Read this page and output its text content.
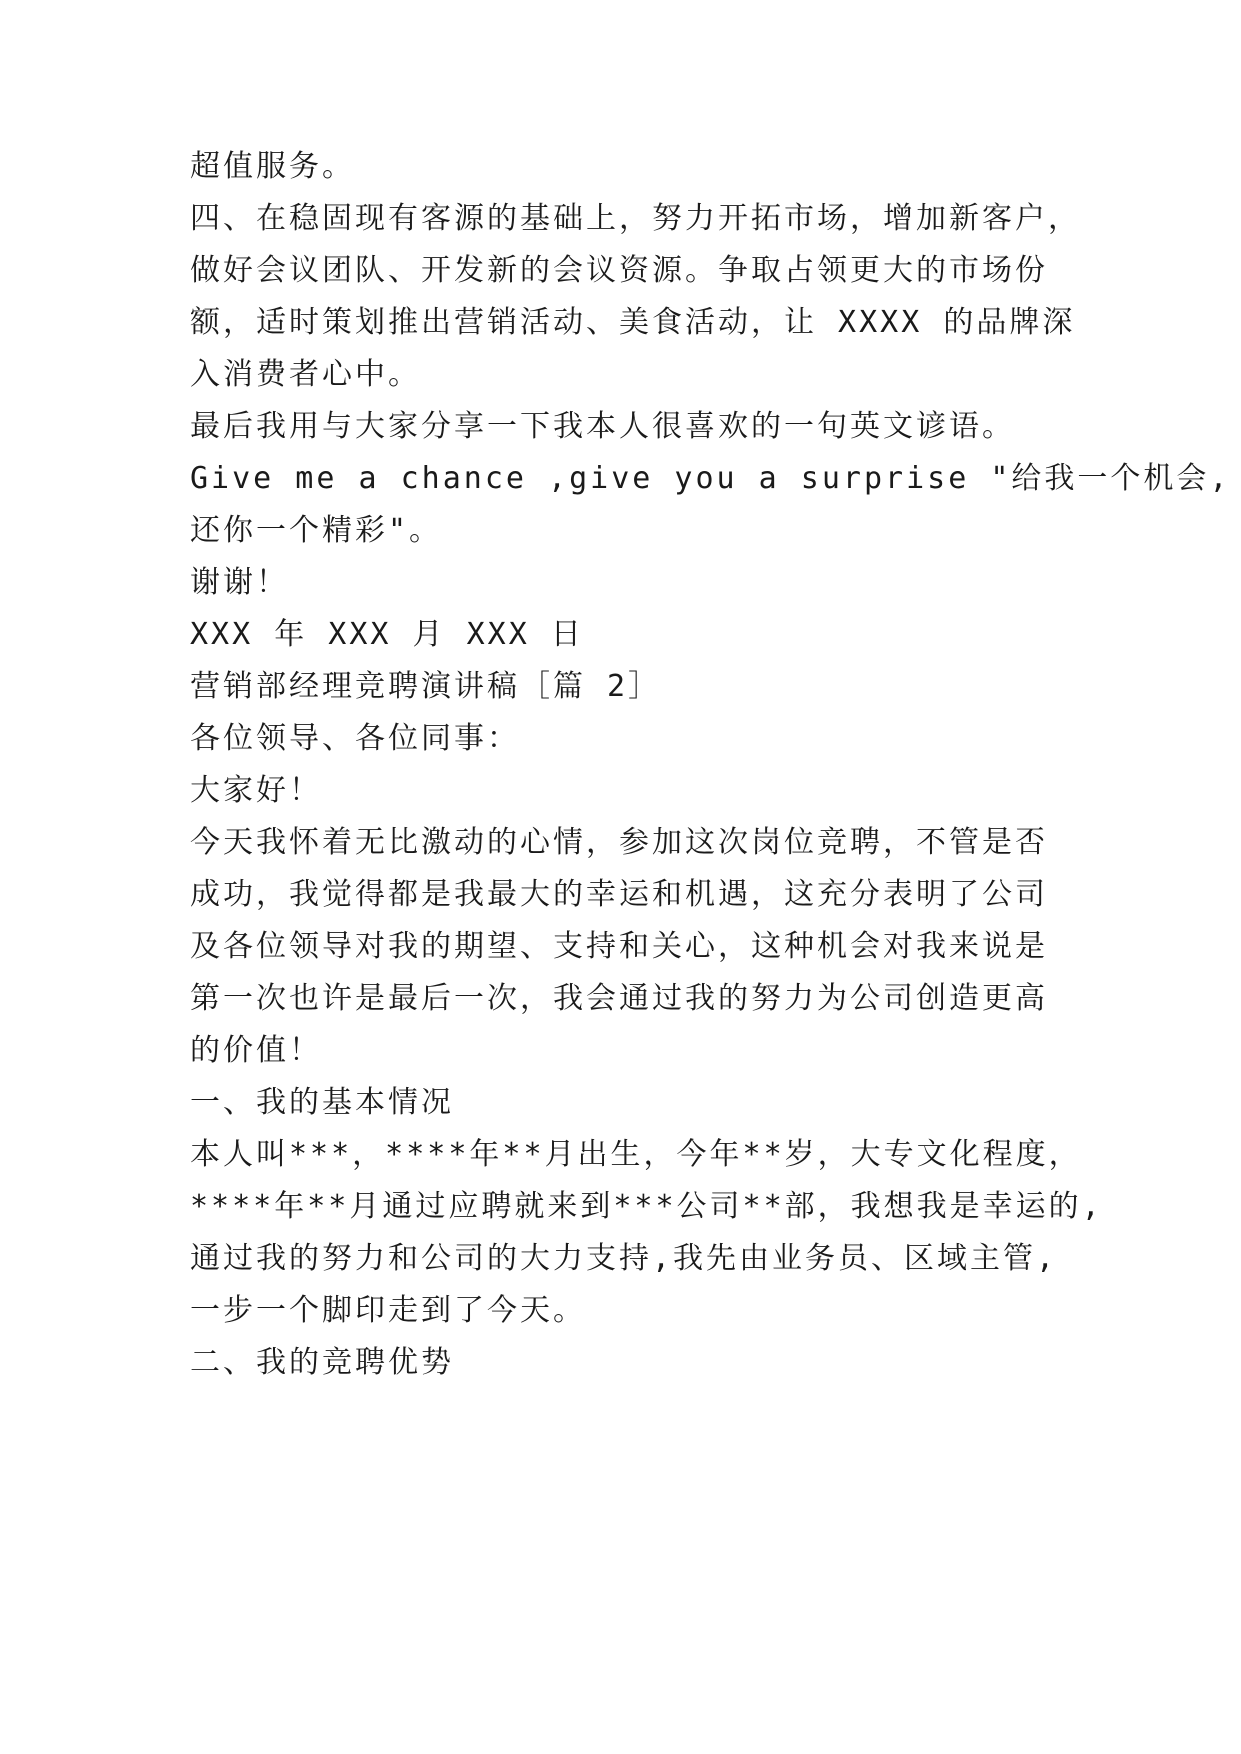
超值服务。
四、在稳固现有客源的基础上，努力开拓市场，增加新客户，
做好会议团队、开发新的会议资源。争取占领更大的市场份
额，适时策划推出营销活动、美食活动，让 XXXX 的品牌深
入消费者心中。
最后我用与大家分享一下我本人很喜欢的一句英文谚语。
Give me a chance ,give you a surprise "给我一个机会,
还你一个精彩"。
谢谢！
XXX 年 XXX 月 XXX 日
营销部经理竞聘演讲稿［篇 2］
各位领导、各位同事：
大家好！
今天我怀着无比激动的心情，参加这次岗位竞聘，不管是否
成功，我觉得都是我最大的幸运和机遇，这充分表明了公司
及各位领导对我的期望、支持和关心，这种机会对我来说是
第一次也许是最后一次，我会通过我的努力为公司创造更高
的价值！
一、我的基本情况
本人叫***，****年**月出生，今年**岁，大专文化程度，
****年**月通过应聘就来到***公司**部，我想我是幸运的,
通过我的努力和公司的大力支持,我先由业务员、区域主管,
一步一个脚印走到了今天。
二、我的竞聘优势
